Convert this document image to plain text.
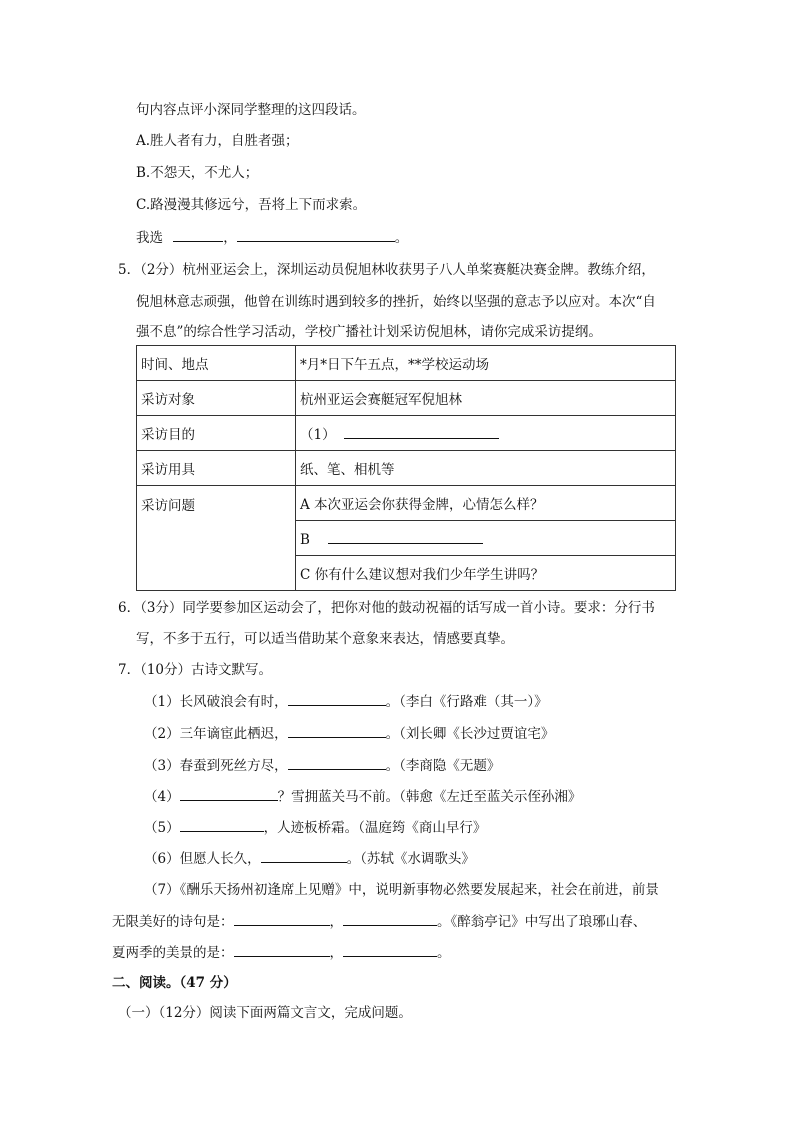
句内容点评小深同学整理的这四段话。
A.胜人者有力，自胜者强；
B.不怨天，不尤人；
C.路漫漫其修远兮，吾将上下而求索。
我选	，	。
5．（2分）杭州亚运会上，深圳运动员倪旭林收获男子八人单桨赛艇决赛金牌。教练介绍，
倪旭林意志顽强，他曾在训练时遇到较多的挫折，始终以坚强的意志予以应对。本次“自
强不息”的综合性学习活动，学校广播社计划采访倪旭林，请你完成采访提纲。
时间、地点	*月*日下午五点，**学校运动场
采访对象	杭州亚运会赛艇冠军倪旭林
采访目的	（1）
采访用具	纸、笔、相机等
采访问题	A 本次亚运会你获得金牌，心情怎么样？
	B
	C 你有什么建议想对我们少年学生讲吗？
6．（3分）同学要参加区运动会了，把你对他的鼓动祝福的话写成一首小诗。要求：分行书
写，不多于五行，可以适当借助某个意象来表达，情感要真挚。
7．（10分）古诗文默写。
（1）长风破浪会有时，	。（李白《行路难（其一）》
（2）三年谪宦此栖迟，	。（刘长卿《长沙过贾谊宅》
（3）春蚕到死丝方尽，	。（李商隐《无题》
（4）	？雪拥蓝关马不前。（韩愈《左迁至蓝关示侄孙湘》
（5）	，人迹板桥霜。（温庭筠《商山早行》
（6）但愿人长久，	。（苏轼《水调歌头》
（7）《酬乐天扬州初逢席上见赠》中，说明新事物必然要发展起来，社会在前进，前景
无限美好的诗句是：	，	。《醉翁亭记》中写出了琅琊山春、
夏两季的美景的是：	，	。
二、阅读。（47 分）
（一）（12分）阅读下面两篇文言文，完成问题。
